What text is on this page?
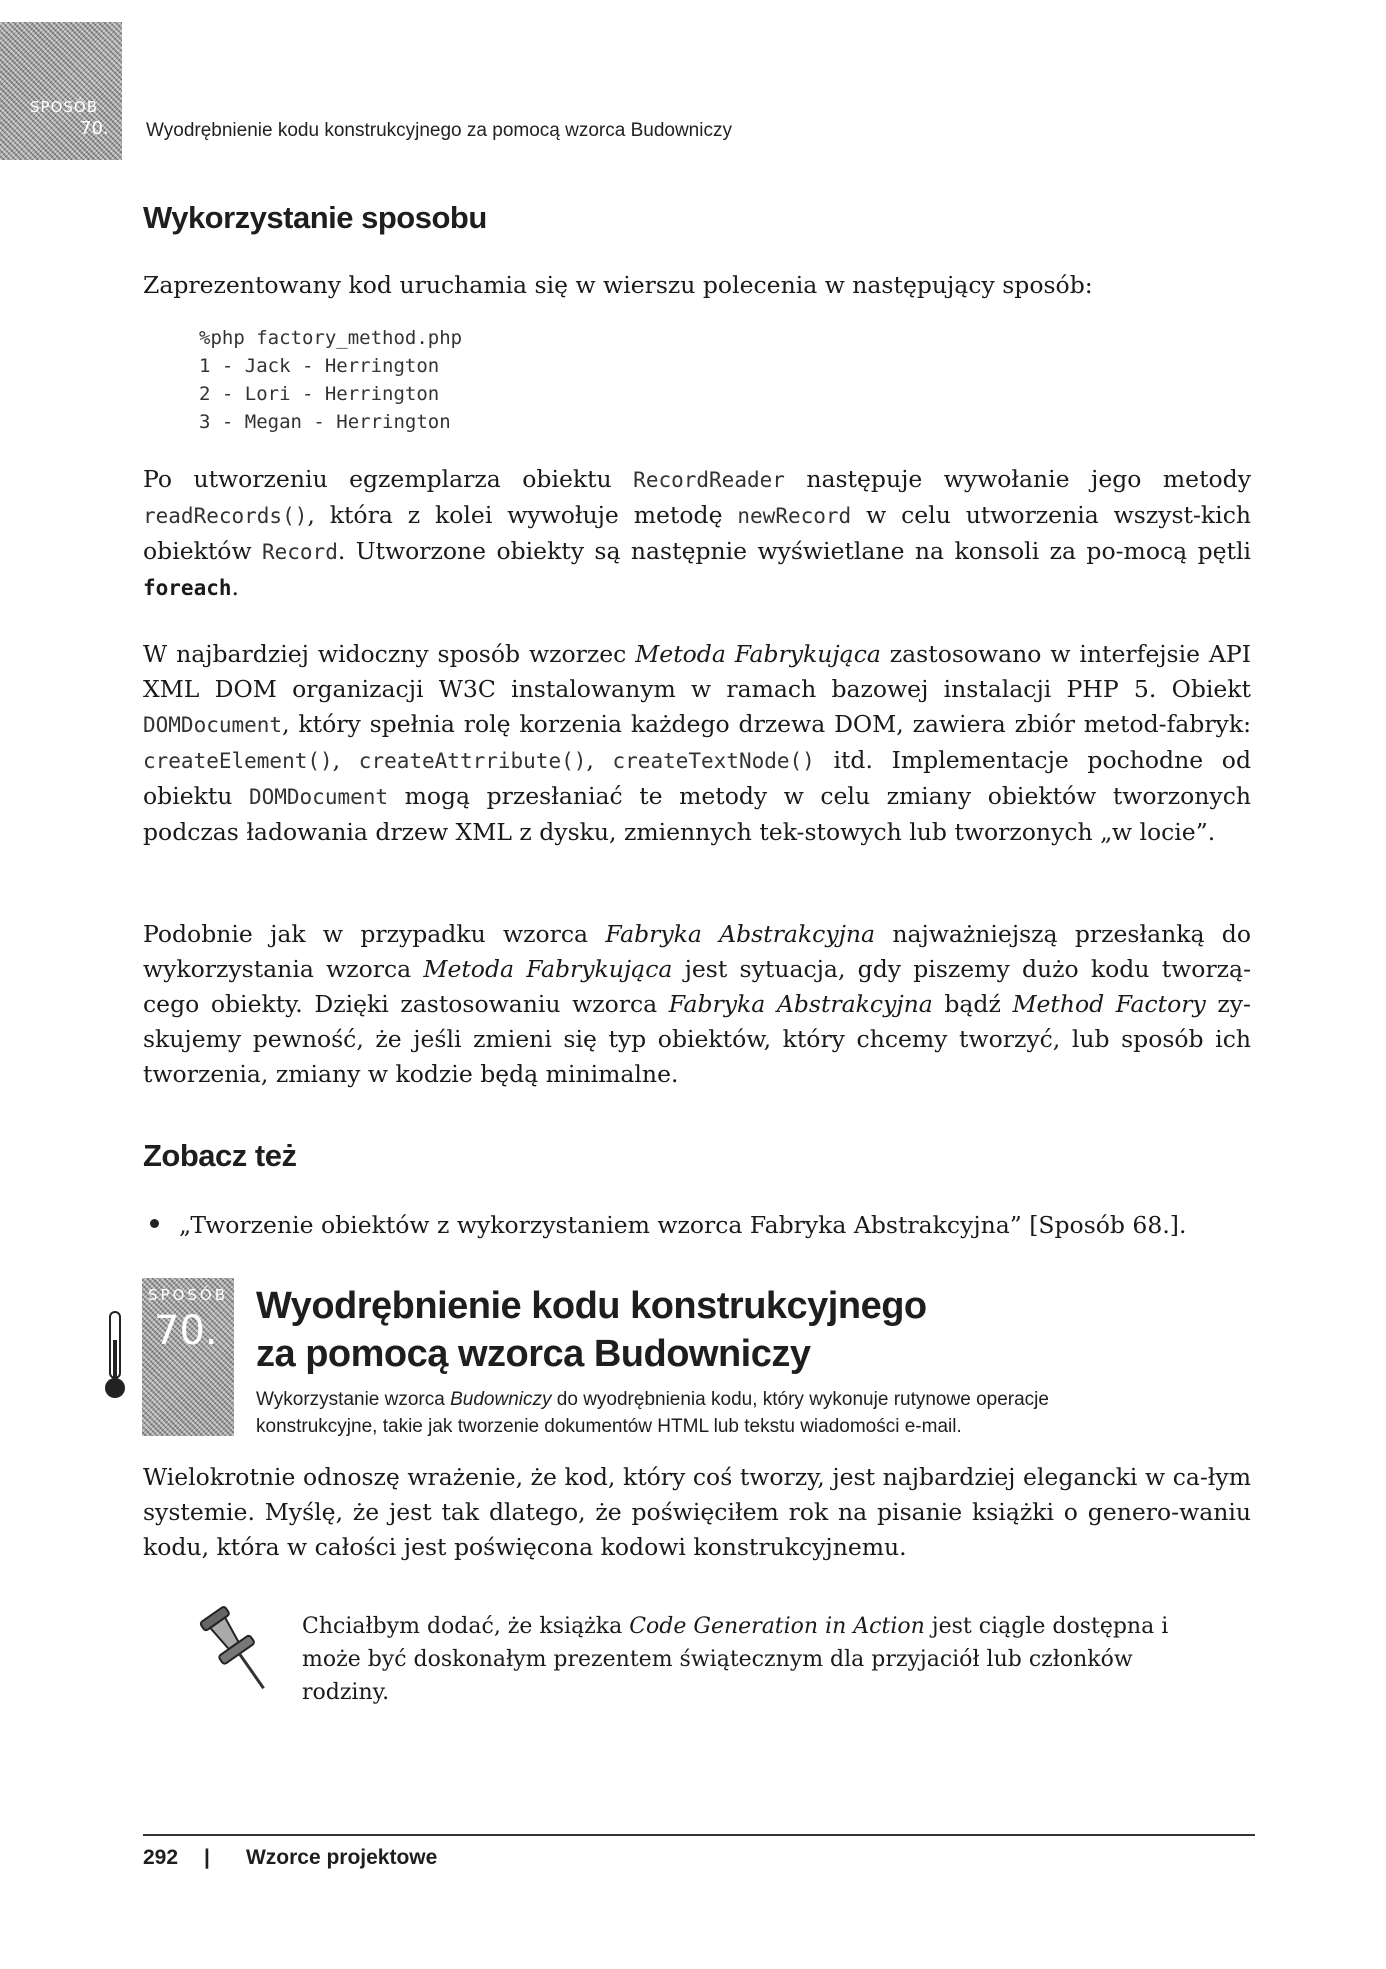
SPOSÓB
70. Wyodrębnienie kodu konstrukcyjnego za pomocą wzorca Budowniczy
Wykorzystanie sposobu

Zaprezentowany kod uruchamia się w wierszu polecenia w następujący sposób:

%php factory_method.php
1 - Jack - Herrington
2 - Lori - Herrington
3 - Megan - Herrington

Po utworzeniu egzemplarza obiektu RecordReader następuje wywołanie jego metody readRecords(), która z kolei wywołuje metodę newRecord w celu utworzenia wszyst-kich obiektów Record. Utworzone obiekty są następnie wyświetlane na konsoli za po-mocą pętli foreach.

W najbardziej widoczny sposób wzorzec Metoda Fabrykująca zastosowano w interfejsie API XML DOM organizacji W3C instalowanym w ramach bazowej instalacji PHP 5. Obiekt DOMDocument, który spełnia rolę korzenia każdego drzewa DOM, zawiera zbiór metod-fabryk: createElement(), createAttrribute(), createTextNode() itd. Implementacje pochodne od obiektu DOMDocument mogą przesłaniać te metody w celu zmiany obiektów tworzonych podczas ładowania drzew XML z dysku, zmiennych tek-stowych lub tworzonych „w locie”.

Podobnie jak w przypadku wzorca Fabryka Abstrakcyjna najważniejszą przesłanką do wykorzystania wzorca Metoda Fabrykująca jest sytuacja, gdy piszemy dużo kodu tworzą-cego obiekty. Dzięki zastosowaniu wzorca Fabryka Abstrakcyjna bądź Method Factory zy-skujemy pewność, że jeśli zmieni się typ obiektów, który chcemy tworzyć, lub sposób ich tworzenia, zmiany w kodzie będą minimalne.

Zobacz też
„Tworzenie obiektów z wykorzystaniem wzorca Fabryka Abstrakcyjna” [Sposób 68.].
SPOSÓB
70.
Wyodrębnienie kodu konstrukcyjnego
za pomocą wzorca Budowniczy
Wykorzystanie wzorca Budowniczy do wyodrębnienia kodu, który wykonuje rutynowe operacje konstrukcyjne, takie jak tworzenie dokumentów HTML lub tekstu wiadomości e-mail.

Wielokrotnie odnoszę wrażenie, że kod, który coś tworzy, jest najbardziej elegancki w ca-łym systemie. Myślę, że jest tak dlatego, że poświęciłem rok na pisanie książki o genero-waniu kodu, która w całości jest poświęcona kodowi konstrukcyjnemu.

Chciałbym dodać, że książka Code Generation in Action jest ciągle dostępna i może być doskonałym prezentem świątecznym dla przyjaciół lub członków rodziny.
292 | Wzorce projektowe
